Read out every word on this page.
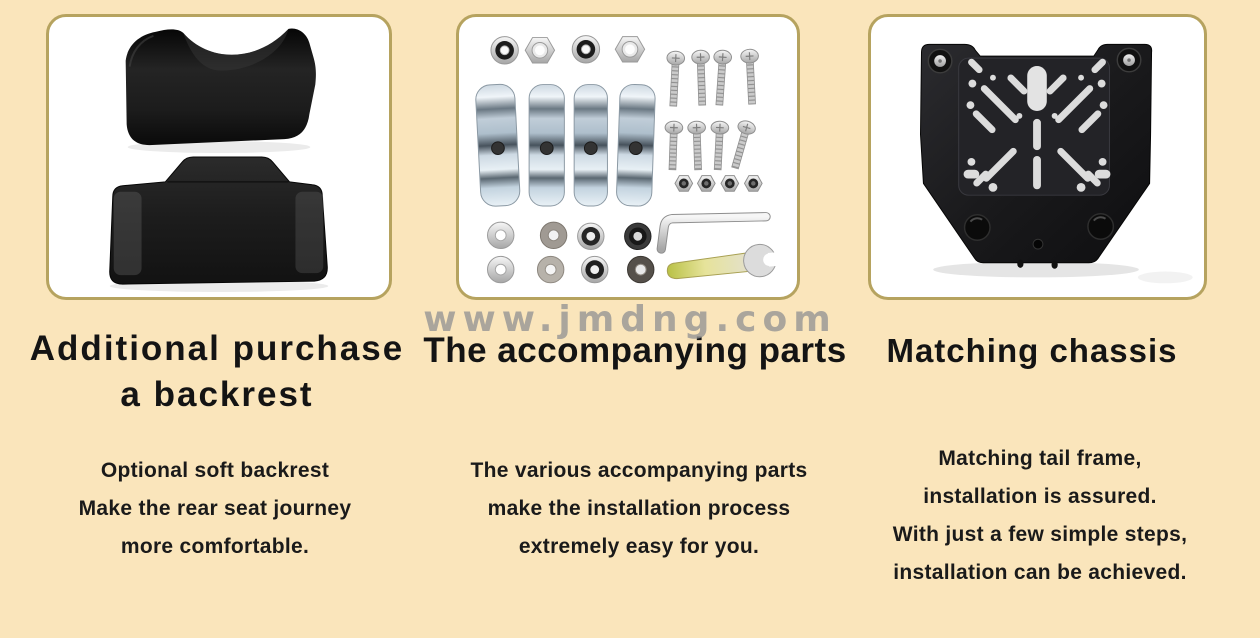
www.jmdng.com
Additional purchase
a backrest
The accompanying parts	Matching chassis
Optional soft backrest
Make the rear seat journey
more comfortable.
The various accompanying parts
make the installation process
extremely easy for you.
Matching tail frame,
installation is assured.
With just a few simple steps,
installation can be achieved.
